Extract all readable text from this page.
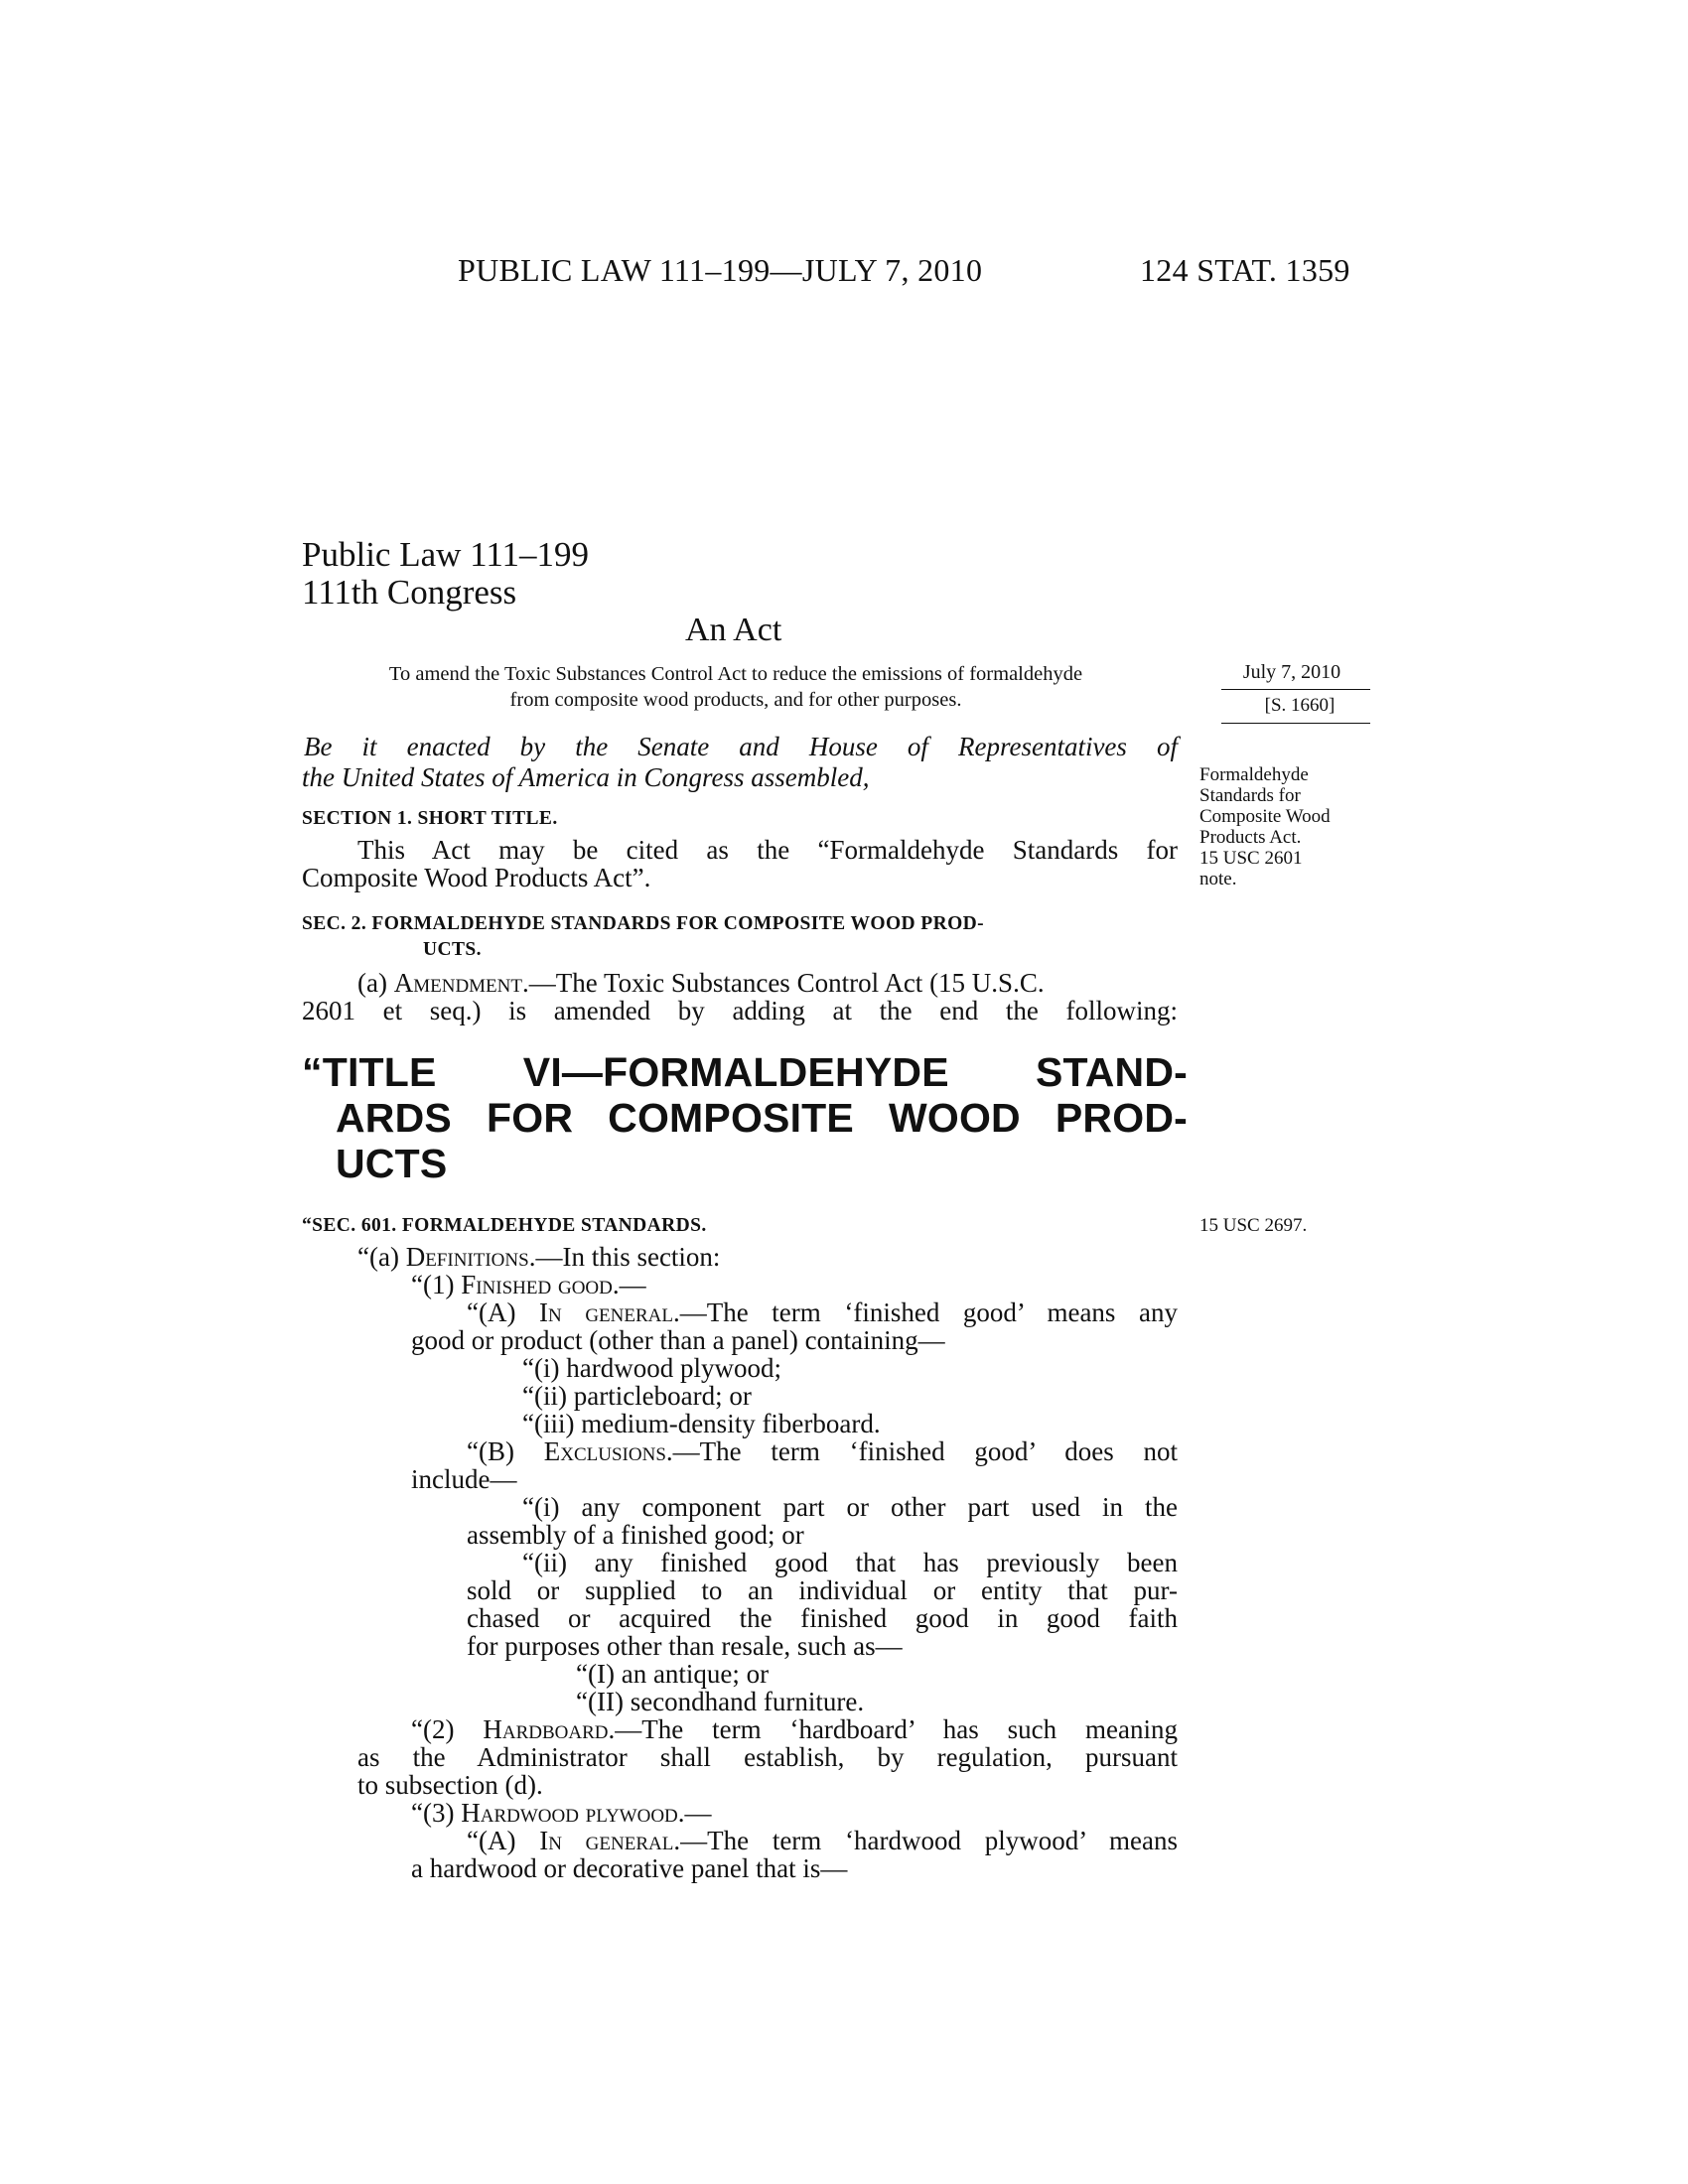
PUBLIC LAW 111–199—JULY 7, 2010	124 STAT. 1359
Public Law 111–199
111th Congress
An Act
To amend the Toxic Substances Control Act to reduce the emissions of formaldehyde
from composite wood products, and for other purposes.
July 7, 2010
[S. 1660]
Be it enacted by the Senate and House of Representatives of
the United States of America in Congress assembled,	Formaldehyde
Standards for
Composite Wood
Products Act.
15 USC 2601
note.
SECTION 1. SHORT TITLE.
This Act may be cited as the “Formaldehyde Standards for
Composite Wood Products Act”.
SEC. 2. FORMALDEHYDE STANDARDS FOR COMPOSITE WOOD PROD-
UCTS.
(a) Amendment.—The Toxic Substances Control Act (15 U.S.C.
2601 et seq.) is amended by adding at the end the following:
“TITLE VI—FORMALDEHYDE STAND-
ARDS FOR COMPOSITE WOOD PROD-
UCTS
“SEC. 601. FORMALDEHYDE STANDARDS.	15 USC 2697.
“(a) Definitions.—In this section:
“(1) Finished good.—
“(A) In general.—The term ‘finished good’ means any
good or product (other than a panel) containing—
“(i) hardwood plywood;
“(ii) particleboard; or
“(iii) medium-density fiberboard.
“(B) Exclusions.—The term ‘finished good’ does not
include—
“(i) any component part or other part used in the
assembly of a finished good; or
“(ii) any finished good that has previously been
sold or supplied to an individual or entity that pur-
chased or acquired the finished good in good faith
for purposes other than resale, such as—
“(I) an antique; or
“(II) secondhand furniture.
“(2) Hardboard.—The term ‘hardboard’ has such meaning
as the Administrator shall establish, by regulation, pursuant
to subsection (d).
“(3) Hardwood plywood.—
“(A) In general.—The term ‘hardwood plywood’ means
a hardwood or decorative panel that is—
